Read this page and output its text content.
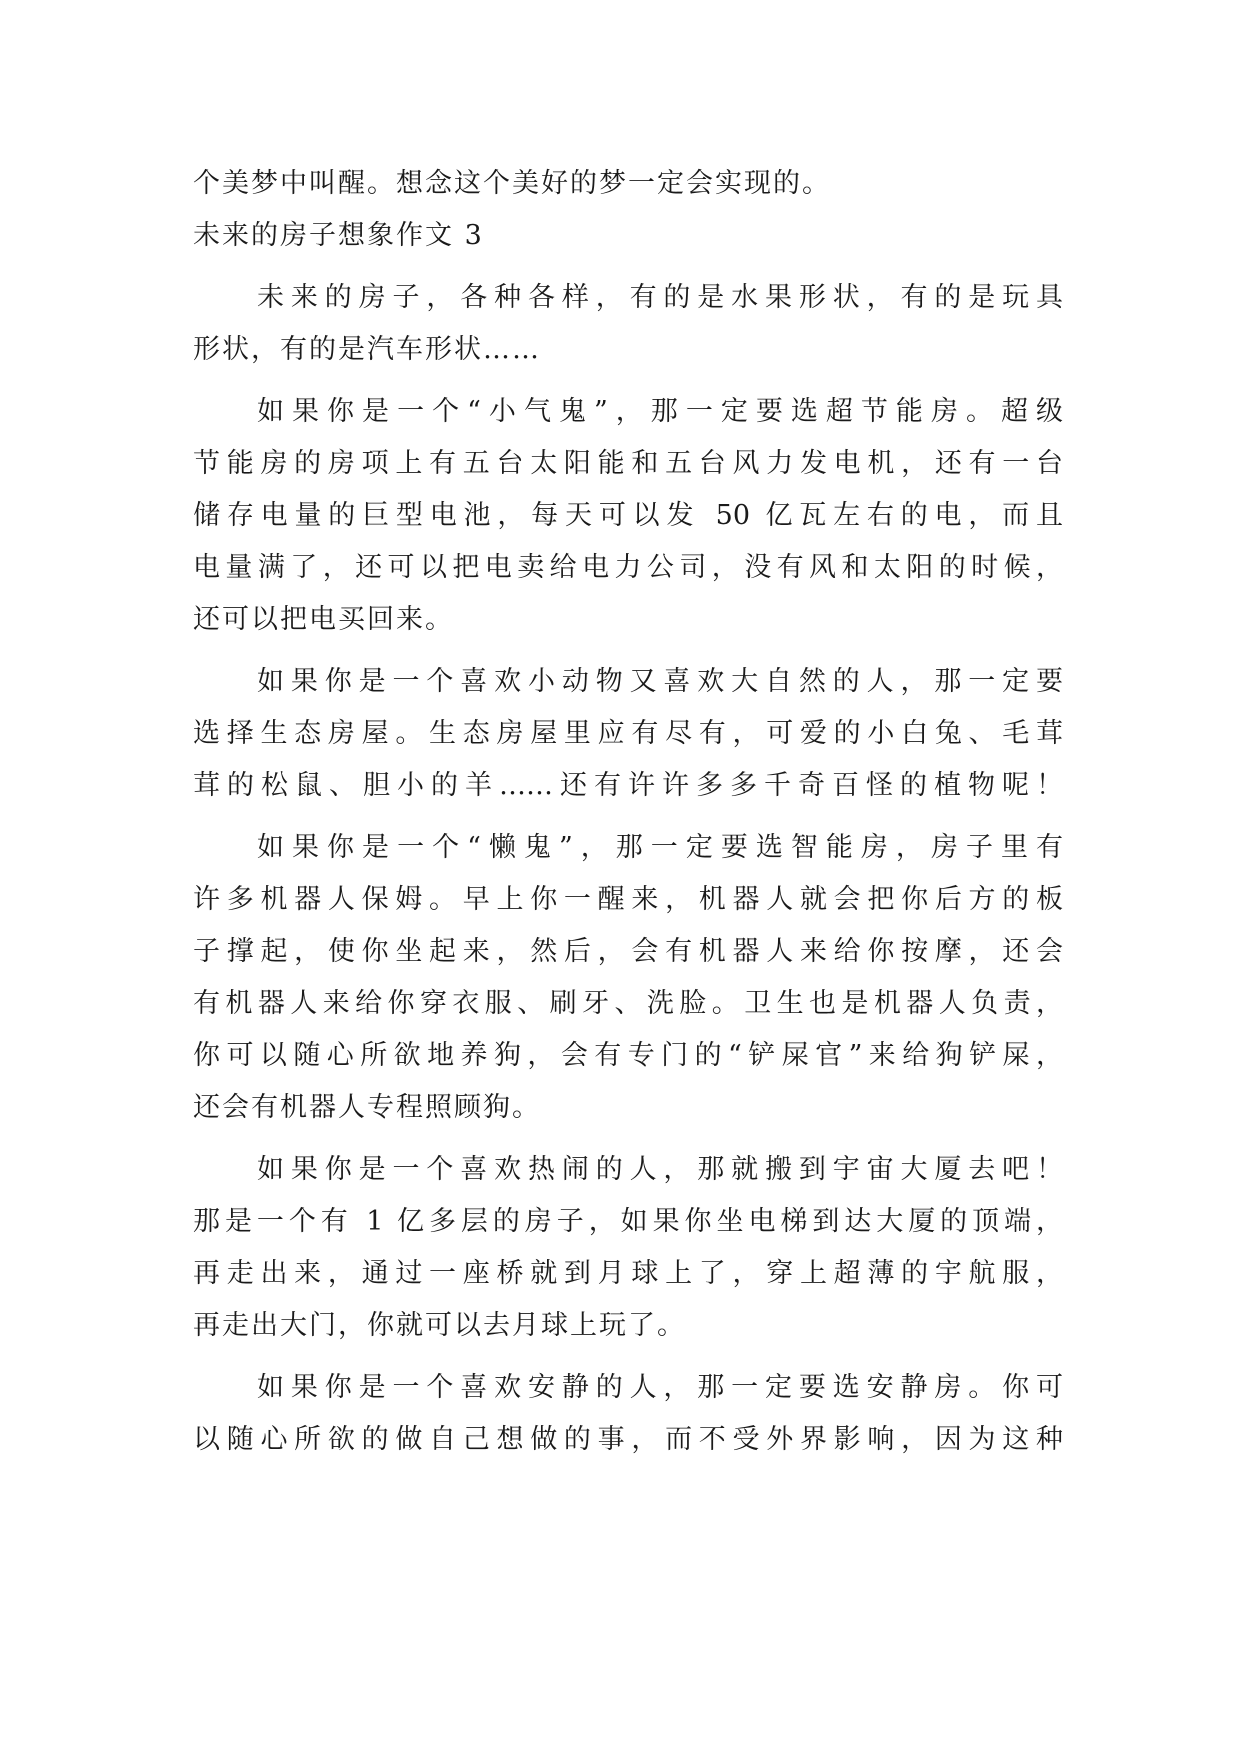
个美梦中叫醒。想念这个美好的梦一定会实现的。
未来的房子想象作文 3
未来的房子，各种各样，有的是水果形状，有的是玩具
形状，有的是汽车形状……
如果你是一个“小气鬼”，那一定要选超节能房。超级
节能房的房项上有五台太阳能和五台风力发电机，还有一台
储存电量的巨型电池，每天可以发 50 亿瓦左右的电，而且
电量满了，还可以把电卖给电力公司，没有风和太阳的时候，
还可以把电买回来。
如果你是一个喜欢小动物又喜欢大自然的人，那一定要
选择生态房屋。生态房屋里应有尽有，可爱的小白兔、毛茸
茸的松鼠、胆小的羊……还有许许多多千奇百怪的植物呢！
如果你是一个“懒鬼”，那一定要选智能房，房子里有
许多机器人保姆。早上你一醒来，机器人就会把你后方的板
子撑起，使你坐起来，然后，会有机器人来给你按摩，还会
有机器人来给你穿衣服、刷牙、洗脸。卫生也是机器人负责，
你可以随心所欲地养狗，会有专门的“铲屎官”来给狗铲屎，
还会有机器人专程照顾狗。
如果你是一个喜欢热闹的人，那就搬到宇宙大厦去吧！
那是一个有 1 亿多层的房子，如果你坐电梯到达大厦的顶端，
再走出来，通过一座桥就到月球上了，穿上超薄的宇航服，
再走出大门，你就可以去月球上玩了。
如果你是一个喜欢安静的人，那一定要选安静房。你可
以随心所欲的做自己想做的事，而不受外界影响，因为这种
